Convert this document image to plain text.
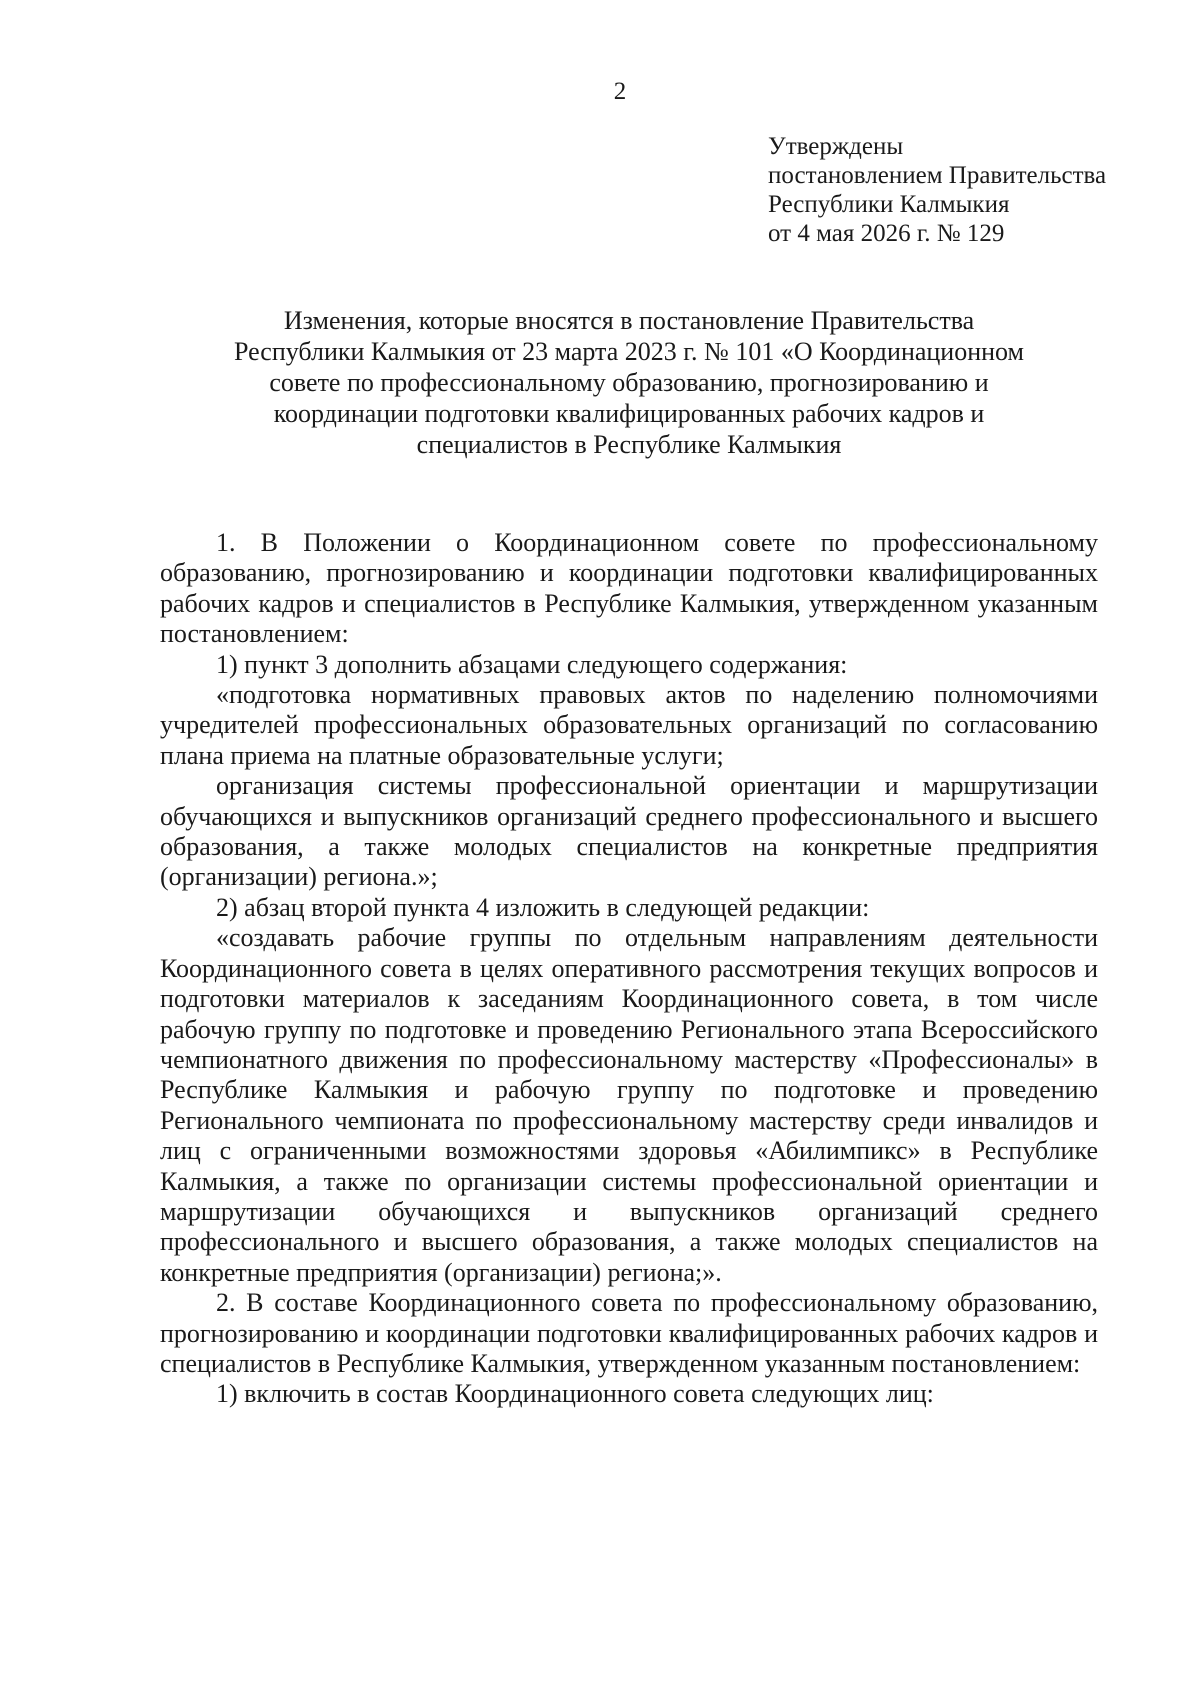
2
Утверждены
постановлением Правительства
Республики Калмыкия
от 4 мая 2026 г. № 129
Изменения, которые вносятся в постановление Правительства
Республики Калмыкия от 23 марта 2023 г. № 101 «О Координационном
совете по профессиональному образованию, прогнозированию и
координации подготовки квалифицированных рабочих кадров и
специалистов в Республике Калмыкия

1. В Положении о Координационном совете по профессиональному образованию, прогнозированию и координации подготовки квалифицированных рабочих кадров и специалистов в Республике Калмыкия, утвержденном указанным постановлением:

1) пункт 3 дополнить абзацами следующего содержания:

«подготовка нормативных правовых актов по наделению полномочиями учредителей профессиональных образовательных организаций по согласованию плана приема на платные образовательные услуги;

организация системы профессиональной ориентации и маршрутизации обучающихся и выпускников организаций среднего профессионального и высшего образования, а также молодых специалистов на конкретные предприятия (организации) региона.»;

2) абзац второй пункта 4 изложить в следующей редакции:

«создавать рабочие группы по отдельным направлениям деятельности Координационного совета в целях оперативного рассмотрения текущих вопросов и подготовки материалов к заседаниям Координационного совета, в том числе рабочую группу по подготовке и проведению Регионального этапа Всероссийского чемпионатного движения по профессиональному мастерству «Профессионалы» в Республике Калмыкия и рабочую группу по подготовке и проведению Регионального чемпионата по профессиональному мастерству среди инвалидов и лиц с ограниченными возможностями здоровья «Абилимпикс» в Республике Калмыкия, а также по организации системы профессиональной ориентации и маршрутизации обучающихся и выпускников организаций среднего профессионального и высшего образования, а также молодых специалистов на конкретные предприятия (организации) региона;».

2. В составе Координационного совета по профессиональному образованию, прогнозированию и координации подготовки квалифицированных рабочих кадров и специалистов в Республике Калмыкия, утвержденном указанным постановлением:

1) включить в состав Координационного совета следующих лиц:
